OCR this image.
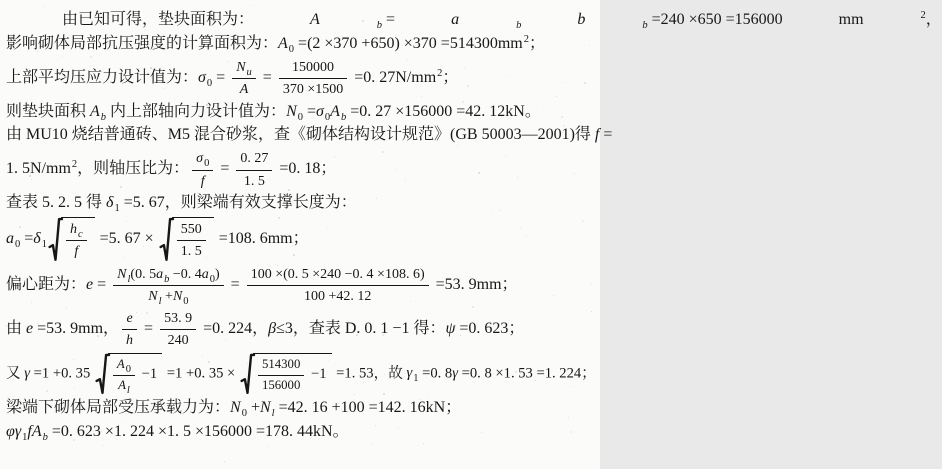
由已知可得，垫块面积为：	A	b =	a	b	b	b =240 ×650 =156000	mm	2，
影响砌体局部抗压强度的计算面积为：A0 =(2 ×370 +650) ×370 =514300mm2；
上部平均压应力设计值为：$\sigma 0 = \frac{Nu}{A} = \frac{150000}{370 \times 1500} =0$. 27N/mm2；
则垫块面积 Ab 内上部轴向力设计值为：N0 =σ0Ab =0. 27 ×156000 =42. 12kN。
由 MU10 烧结普通砖、M5 混合砂浆，查《砌体结构设计规范》(GB 50003—2001)得 f =
1. 5N/mm2，则轴压比为： $\frac{\sigma 0}{f} = \frac{0. 27}{1. 5} =0$. 18；
查表 5. 2. 5 得 δ1 =5. 67，则梁端有效支撑长度为：
$a0 =\delta 1 \frac{hc}{f} =5$. $67 \times \frac{550}{1. 5} =108$. 6mm；
偏心距为：$e = \frac{Nl (0. 5 ab -0. 4 a0 )}{Nl + N0} = \frac{100 \times(0. 5 \times 240 -0. 4 \times 108. 6)}{100 +42. 12} =53$. 9mm；
由 e =53. 9mm， $\frac{e}{h} = \frac{53. 9}{240} =0$. 224，β≤3，查表 D. 0. 1 −1 得：ψ =0. 623；
又 γ =1 +0. $35 \frac{A0}{Al} -1 =1 +0$. $35 \times \frac{514300}{156000} -1 =1$. 53，故 γ1 =0. 8γ =0. 8 ×1. 53 =1. 224；
梁端下砌体局部受压承载力为：N0 +Nl =42. 16 +100 =142. 16kN；
φγ1fAb =0. 623 ×1. 224 ×1. 5 ×156000 =178. 44kN。
